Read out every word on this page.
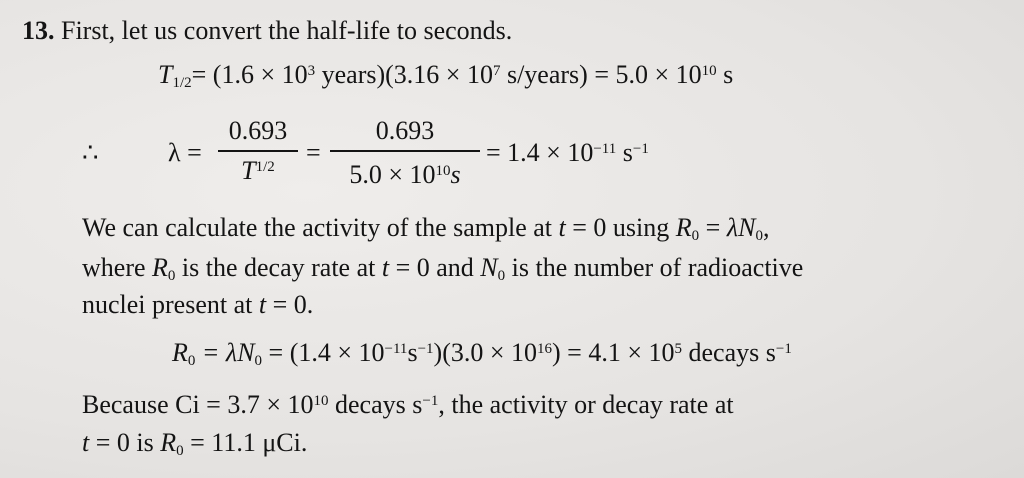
13. First, let us convert the half-life to seconds.
$T_{1/2}= (1.6 \times 10^3$ years)(3.16 × $10^7$ s/years) = $5.0 \times 10^{10}$ s
∴	λ =
0.693
$T^{1/2}$	=
0.693
$5.0 \times 10^{10}s$
= $1.4 \times 10^{-11}$ $s^{-1}$
We can calculate the activity of the sample at t = 0 using $R_0 = \lambda N_0$,
where $R_0$ is the decay rate at t = 0 and $N_0$ is the number of radioactive
nuclei present at t = 0.
$R_0 = \lambda N_0 = (1.4 \times 10^{-11}s^{-1})(3.0 \times 10^{16}) = 4.1 \times 10^5$ decays $s^{-1}$
Because $Ci = 3.7 \times 10^{10}$ decays $s^{-1}$, the activity or decay rate at
t = 0 is $R_0 = 11.1$ μCi.
